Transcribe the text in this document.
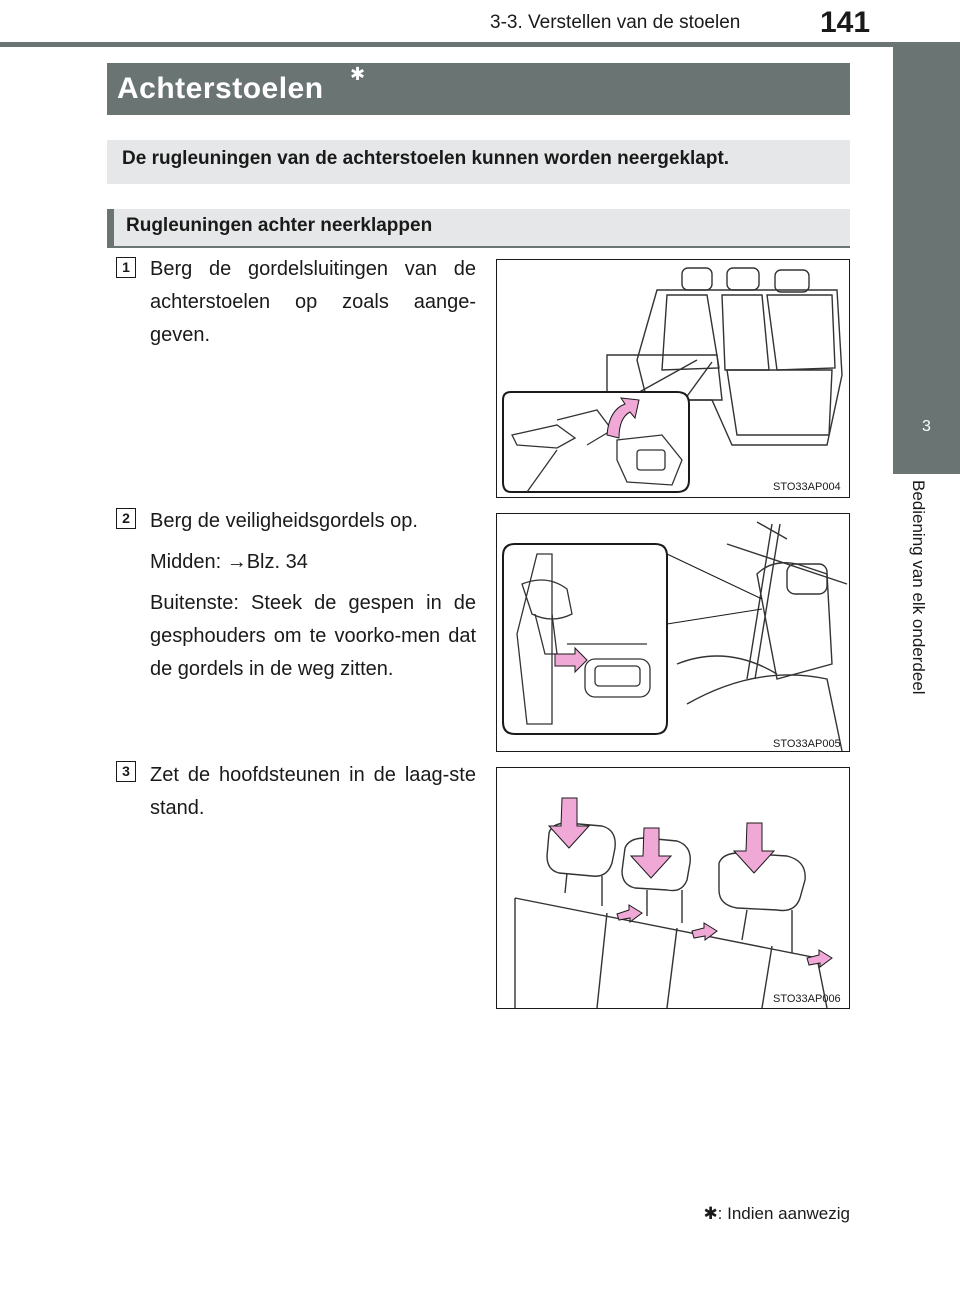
3-3. Verstellen van de stoelen	141
3
Bediening van elk onderdeel
Achterstoelen ✱
De rugleuningen van de achterstoelen kunnen worden neergeklapt.
Rugleuningen achter neerklappen
1	Berg de gordelsluitingen van de achterstoelen op zoals aange-geven.

STO33AP004
2	Berg de veiligheidsgordels op.

Midden: →Blz. 34

Buitenste: Steek de gespen in de gesphouders om te voorko-men dat de gordels in de weg zitten.

STO33AP005
3	Zet de hoofdsteunen in de laag-ste stand.

STO33AP006
✱: Indien aanwezig
